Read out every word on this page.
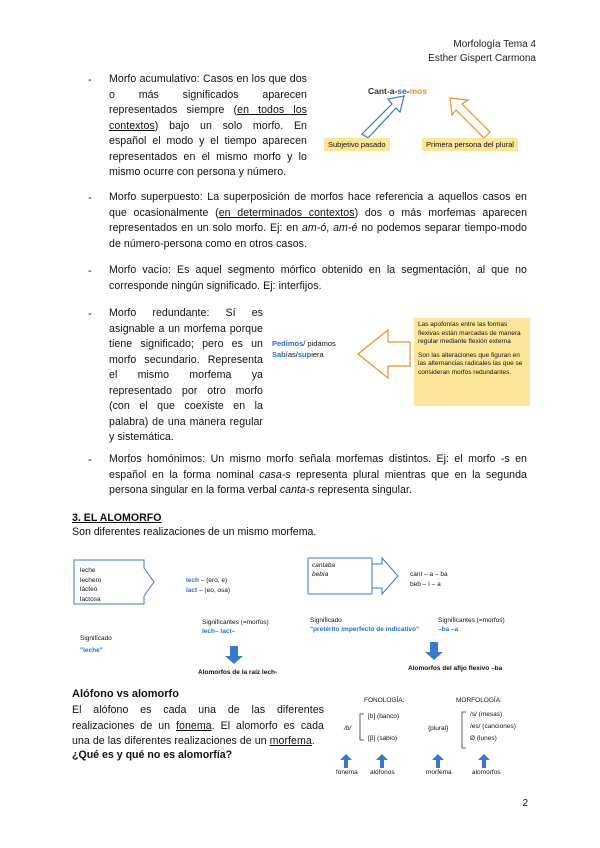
Morfología Tema 4
Esther Gispert Carmona
- Morfo acumulativo: Casos en los que dos o más significados aparecen representados siempre (en todos los contextos) bajo un solo morfo. En español el modo y el tiempo aparecen representados en el mismo morfo y lo mismo ocurre con persona y número.
Cant-a-se-mos
Subjetivo pasado	Primera persona del plural
- Morfo superpuesto: La superposición de morfos hace referencia a aquellos casos en que ocasionalmente (en determinados contextos) dos o más morfemas aparecen representados en un solo morfo. Ej: en am-ó, am-é no podemos separar tiempo-modo de número-persona como en otros casos.
- Morfo vacío: Es aquel segmento mórfico obtenido en la segmentación, al que no corresponde ningún significado. Ej: interfijos.
- Morfo redundante: Sí es asignable a un morfema porque tiene significado; pero es un morfo secundario. Representa el mismo morfema ya representado por otro morfo (con el que coexiste en la palabra) de una manera regular y sistemática.
Pedimos/ pidamos
Sabías/supiera
Las apofonías entre las formas flexivas están marcadas de manera regular mediante flexión externa
Son las alteraciones que figuran en las alternancias radicales las que se consideran morfos redundantes.
- Morfos homónimos: Un mismo morfo señala morfemas distintos. Ej: el morfo -s en español en la forma nominal casa-s representa plural mientras que en la segunda persona singular en la forma verbal canta-s representa singular.
3. EL ALOMORFO
Son diferentes realizaciones de un mismo morfema.
leche
lechero
lácteo
lactosa
lech – (ero, e)
lact – (eo, osa)
Significantes (=morfos)
lech– lact–
Significado
"leche"
Alomorfos de la raíz lech-
cantaba
bebía	cant – a – ba
beb – í – a
Significado
"pretérito imperfecto de indicativo"
Significantes (=morfos)
–ba –a
Alomorfos del afijo flexivo –ba
Alófono vs alomorfo
El alófono es cada una de las diferentes realizaciones de un fonema. El alomorfo es cada una de las diferentes realizaciones de un morfema.
¿Qué es y qué no es alomorfía?
FONOLOGÍA:	MORFOLOGÍA:
/b/
[b] (banco)
[β] (sabio)
{plural}
/s/ (mesas)
/es/ (canciones)
Ø (lunes)
fonema alófonos	morfema	alomorfos
2
